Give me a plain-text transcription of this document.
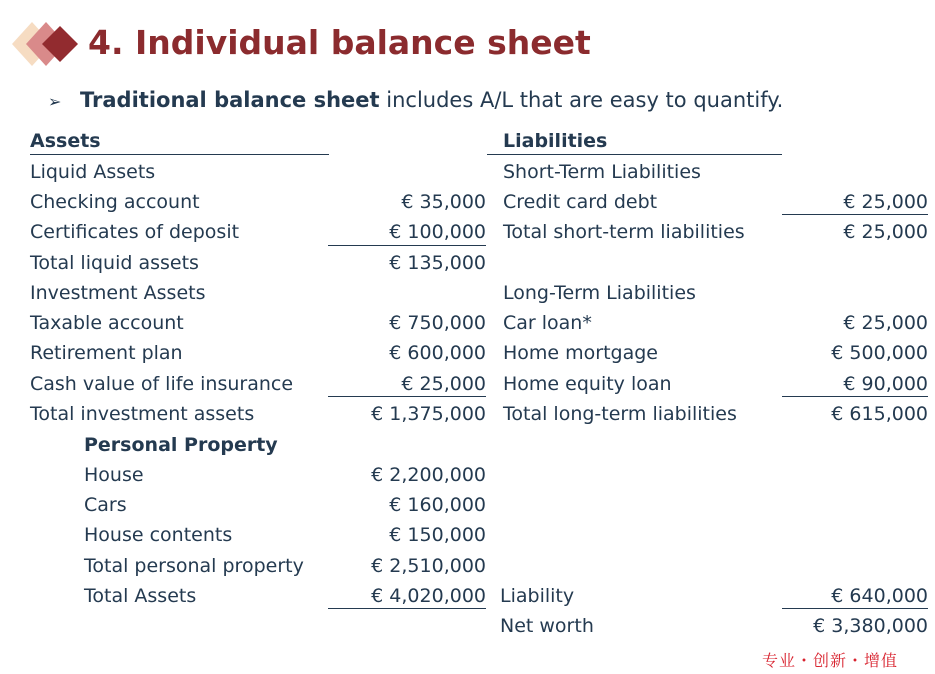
4. Individual balance sheet
➢ Traditional balance sheet includes A/L that are easy to quantify.
Assets
Liquid Assets
Checking account	€ 35,000
Certificates of deposit	€ 100,000
Total liquid assets	€ 135,000
Investment Assets
Taxable account	€ 750,000
Retirement plan	€ 600,000
Cash value of life insurance	€ 25,000
Total investment assets	€ 1,375,000
Personal Property
House	€ 2,200,000
Cars	€ 160,000
House contents	€ 150,000
Total personal property	€ 2,510,000
Total Assets	€ 4,020,000
Liabilities
Short-Term Liabilities
Credit card debt	€ 25,000
Total short-term liabilities	€ 25,000
Long-Term Liabilities
Car loan*	€ 25,000
Home mortgage	€ 500,000
Home equity loan	€ 90,000
Total long-term liabilities	€ 615,000
Liability	€ 640,000
Net worth	€ 3,380,000
专业・创新・增值
